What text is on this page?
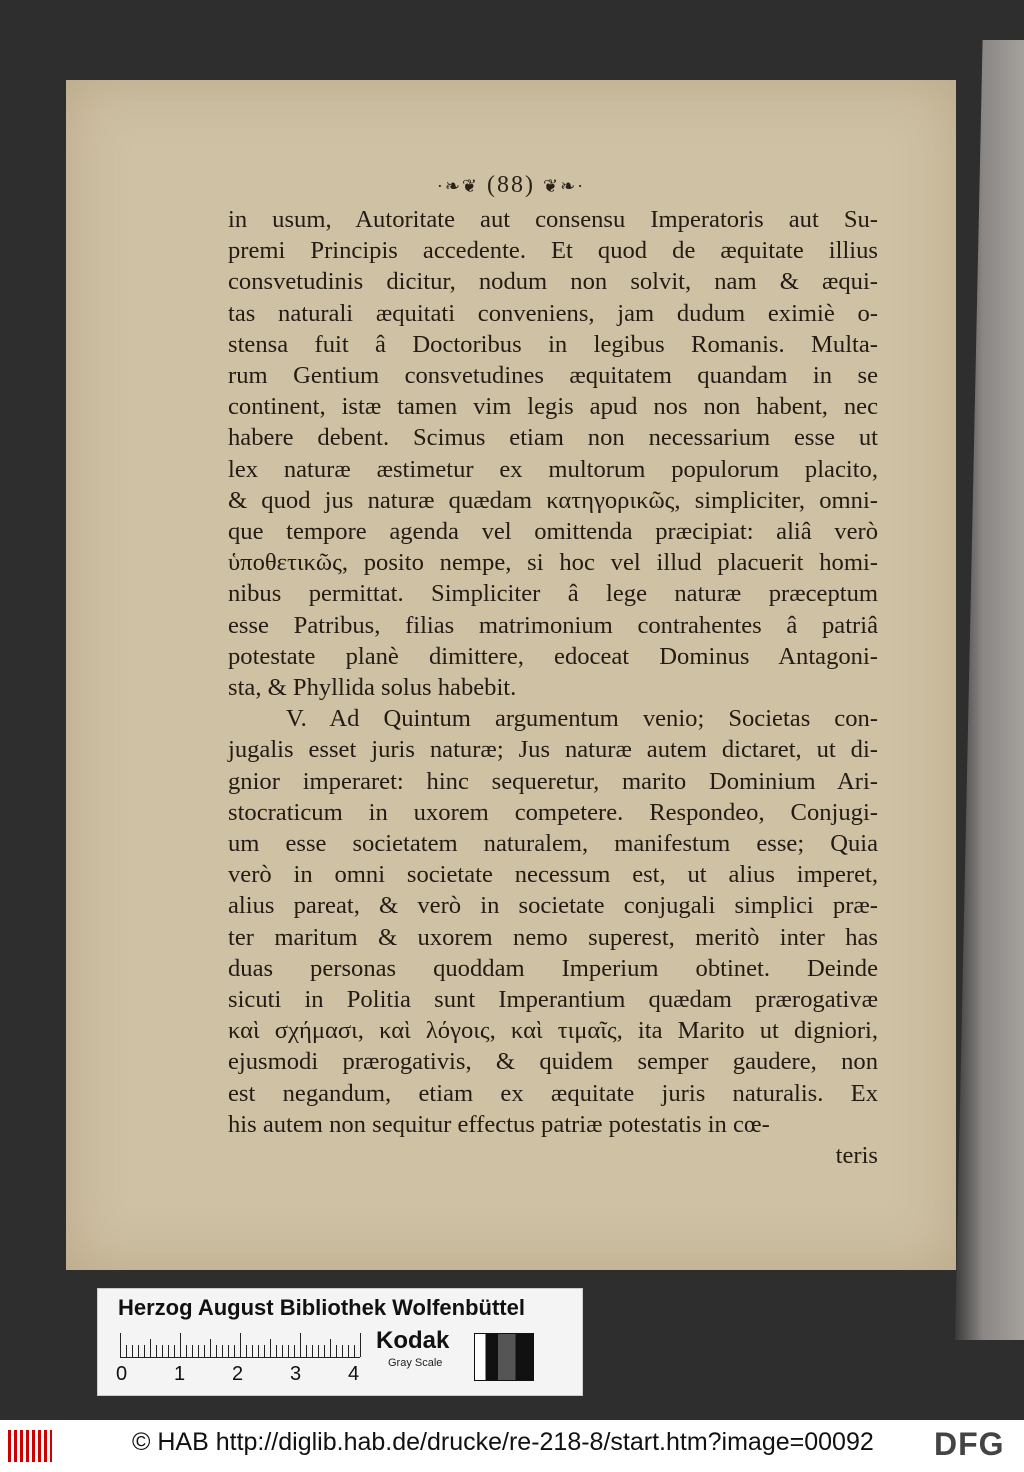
·❧❦ (88) ❦❧·
in usum, Autoritate aut consensu Imperatoris aut Su-
premi Principis accedente. Et quod de æquitate illius
consvetudinis dicitur, nodum non solvit, nam & æqui-
tas naturali æquitati conveniens, jam dudum eximiè o-
stensa fuit â Doctoribus in legibus Romanis. Multa-
rum Gentium consvetudines æquitatem quandam in se
continent, istæ tamen vim legis apud nos non habent, nec
habere debent. Scimus etiam non necessarium esse ut
lex naturæ æstimetur ex multorum populorum placito,
& quod jus naturæ quædam κατηγορικῶς, simpliciter, omni-
que tempore agenda vel omittenda præcipiat: aliâ verò
ὑποθετικῶς, posito nempe, si hoc vel illud placuerit homi-
nibus permittat. Simpliciter â lege naturæ præceptum
esse Patribus, filias matrimonium contrahentes â patriâ
potestate planè dimittere, edoceat Dominus Antagoni-
sta, & Phyllida solus habebit.
V. Ad Quintum argumentum venio; Societas con-
jugalis esset juris naturæ; Jus naturæ autem dictaret, ut di-
gnior imperaret: hinc sequeretur, marito Dominium Ari-
stocraticum in uxorem competere. Respondeo, Conjugi-
um esse societatem naturalem, manifestum esse; Quia
verò in omni societate necessum est, ut alius imperet,
alius pareat, & verò in societate conjugali simplici præ-
ter maritum & uxorem nemo superest, meritò inter has
duas personas quoddam Imperium obtinet. Deinde
sicuti in Politia sunt Imperantium quædam prærogativæ
καὶ σχήμασι, καὶ λόγοις, καὶ τιμαῖς, ita Marito ut digniori,
ejusmodi prærogativis, & quidem semper gaudere, non
est negandum, etiam ex æquitate juris naturalis. Ex
his autem non sequitur effectus patriæ potestatis in cœ-
teris
Herzog August Bibliothek Wolfenbüttel
0 1 2 3 4
Kodak
Gray Scale
© HAB http://diglib.hab.de/drucke/re-218-8/start.htm?image=00092 DFG
